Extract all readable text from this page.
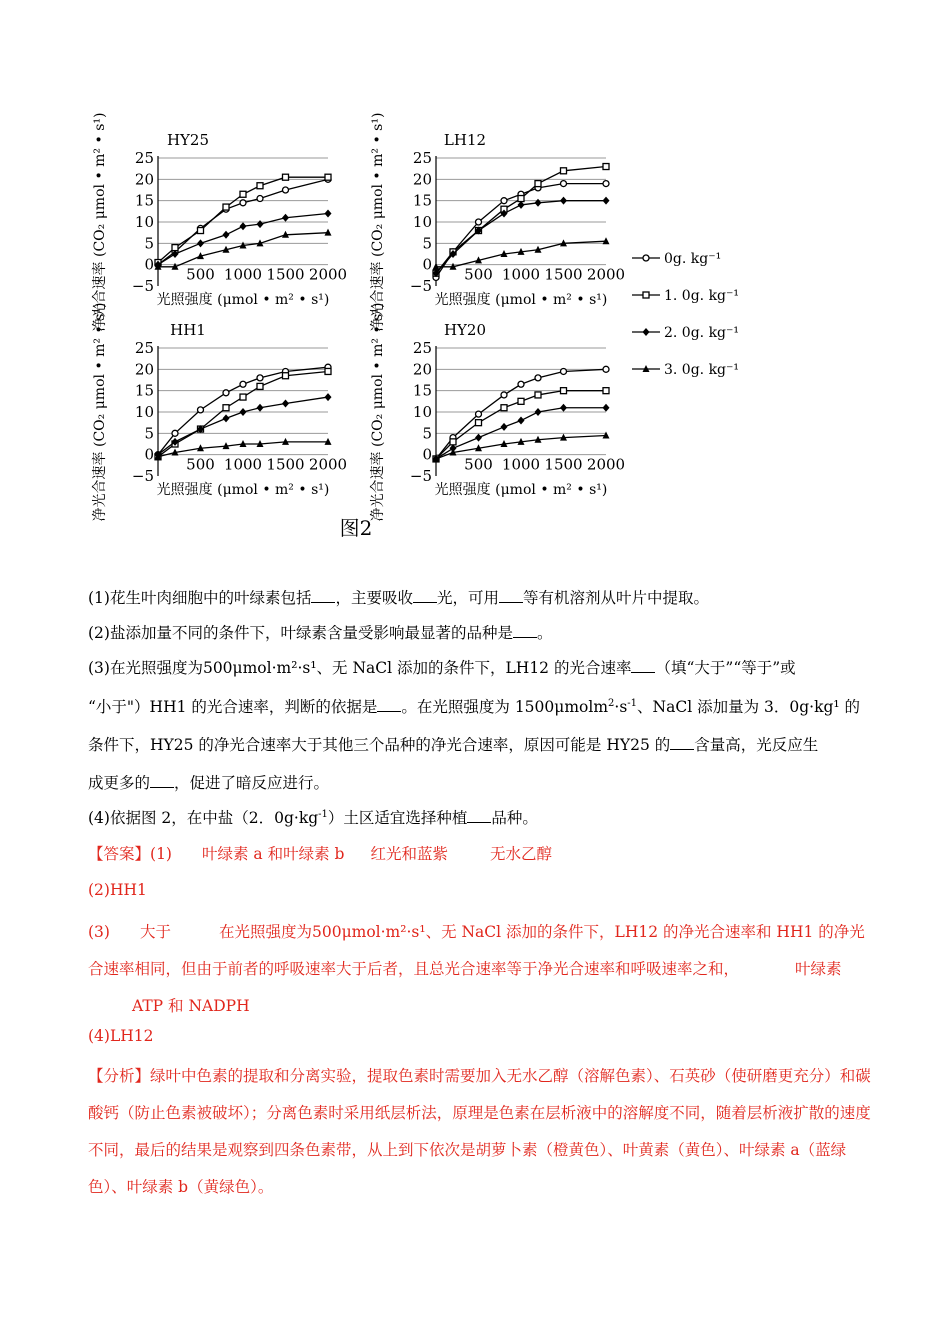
HY25
25
20
15
10
5
0
−5
500 1000 1500 2000
净光合速率 (CO₂ μmol • m² • s¹)	光照强度 (μmol • m² • s¹)
LH12
25
20
15
10
5
0
−5
500 1000 1500 2000
净光合速率 (CO₂ μmol • m² • s¹)	光照强度 (μmol • m² • s¹)
HH1
25
20
15
10
5
0
−5
500 1000 1500 2000
净光合速率 (CO₂ μmol • m² • s¹)	光照强度 (μmol • m² • s¹)
HY20
25
20
15
10
5
0
−5
500 1000 1500 2000
净光合速率 (CO₂ μmol • m² • s¹)	光照强度 (μmol • m² • s¹)
0g. kg⁻¹
1. 0g. kg⁻¹
2. 0g. kg⁻¹
3. 0g. kg⁻¹
图2
(1)花生叶肉细胞中的叶绿素包括 ，主要吸收 光，可用 等有机溶剂从叶片中提取。
(2)盐添加量不同的条件下，叶绿素含量受影响最显著的品种是 。
(3)在光照强度为500μmol·m²·s¹、无 NaCl 添加的条件下，LH12 的光合速率 （填“大于”“等于”或
“小于"）HH1 的光合速率，判断的依据是 。在光照强度为 $1500\mu molm^2\cdot s^{-1}$、NaCl 添加量为 3．0g·kg¹ 的
条件下，HY25 的净光合速率大于其他三个品种的净光合速率，原因可能是 HY25 的 含量高，光反应生
成更多的 ，促进了暗反应进行。
(4)依据图 2，在中盐（2．$0g\cdot kg^{-1}$）土区适宜选择种植 品种。
【答案】(1) 叶绿素 a 和叶绿素 b 红光和蓝紫	无水乙醇
(2)HH1
(3) 大于	在光照强度为500μmol·m²·s¹、无 NaCl 添加的条件下，LH12 的净光合速率和 HH1 的净光合速率相同，但由于前者的呼吸速率大于后者，且总光合速率等于净光合速率和呼吸速率之和，	叶绿素ATP 和 NADPH
(4)LH12
【分析】绿叶中色素的提取和分离实验，提取色素时需要加入无水乙醇（溶解色素）、石英砂（使研磨更充分）和碳酸钙（防止色素被破坏）；分离色素时采用纸层析法，原理是色素在层析液中的溶解度不同，随着层析液扩散的速度不同，最后的结果是观察到四条色素带，从上到下依次是胡萝卜素（橙黄色）、叶黄素（黄色）、叶绿素 a（蓝绿色）、叶绿素 b（黄绿色）。
